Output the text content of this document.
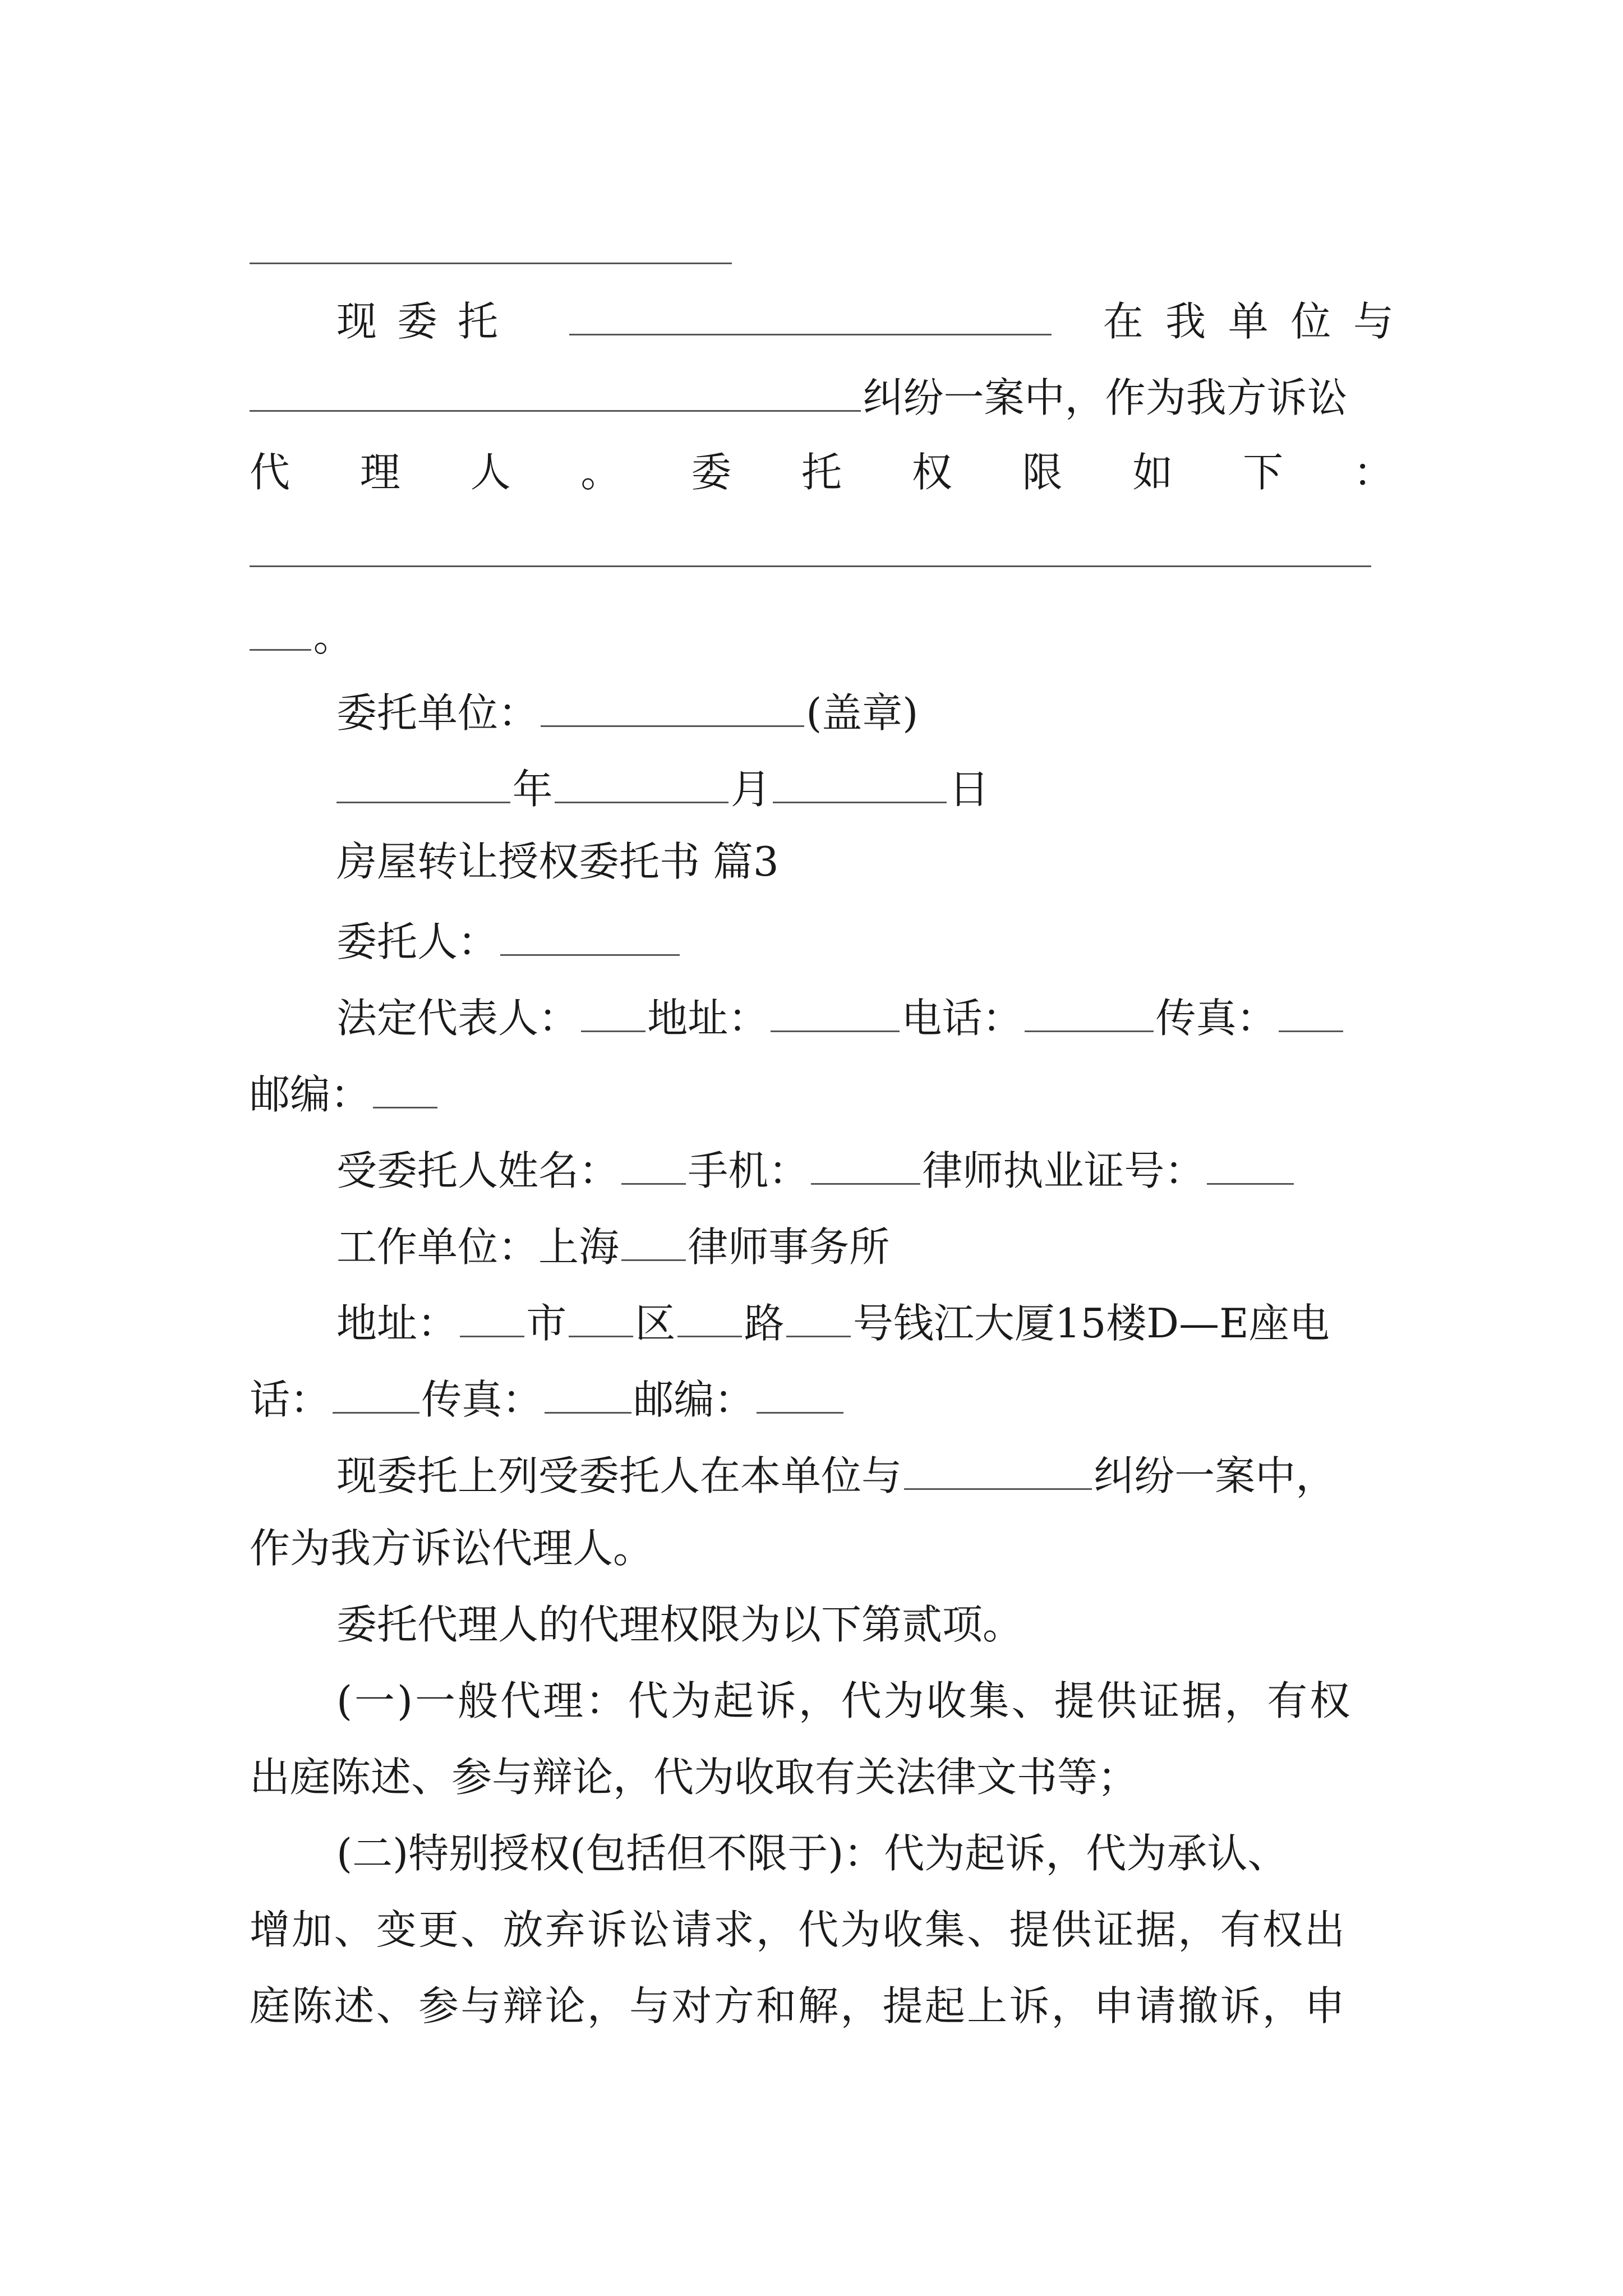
现委托	在我单位与
纠纷一案中，作为我方诉讼
代 理 人 。 委 托 权 限 如 下 ：
。
委托单位：	(盖章)
年	月	日
房屋转让授权委托书 篇3
委托人：
法定代表人： 地址：	电话：	传真：
邮编：
受委托人姓名： 手机：	律师执业证号：
工作单位：上海 律师事务所
地址： 市 区 路 号钱江大厦15楼D—E座电
话： 传真： 邮编：
现委托上列受委托人在本单位与	纠纷一案中，
作为我方诉讼代理人。
委托代理人的代理权限为以下第贰项。
(一)一般代理：代为起诉，代为收集、提供证据，有权
出庭陈述、参与辩论，代为收取有关法律文书等；
(二)特别授权(包括但不限于)：代为起诉，代为承认、
增加、变更、放弃诉讼请求，代为收集、提供证据，有权出
庭陈述、参与辩论，与对方和解，提起上诉，申请撤诉，申
